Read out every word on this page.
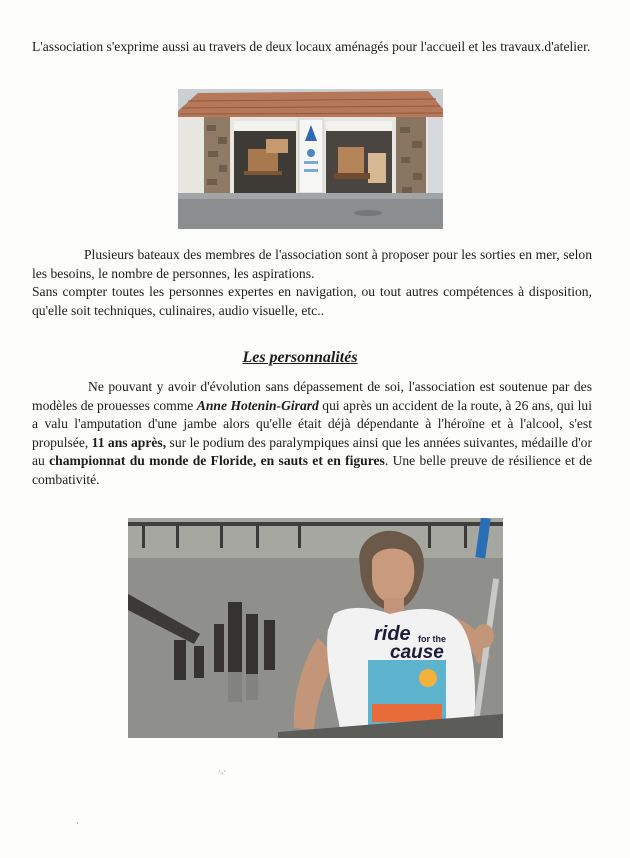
L'association s'exprime aussi au travers de deux locaux aménagés pour l'accueil et les travaux.d'atelier.

Plusieurs bateaux des membres de l'association sont à proposer pour les sorties en mer, selon les besoins, le nombre de personnes, les aspirations.
Sans compter toutes les personnes expertes en navigation, ou tout autres compétences à disposition, qu'elle soit techniques, culinaires, audio visuelle, etc..

Les personnalités

Ne pouvant y avoir d'évolution sans dépassement de soi, l'association est soutenue par des modèles de prouesses comme Anne Hotenin-Girard qui après un accident de la route, à 26 ans, qui lui a valu l'amputation d'une jambe alors qu'elle était déjà dépendante à l'héroïne et à l'alcool, s'est propulsée, 11 ans après, sur le podium des paralympiques ainsi que les années suivantes, médaille d'or au championnat du monde de Floride, en sauts et en figures. Une belle preuve de résilience et de combativité.

ride for the
cause
·.·
·
